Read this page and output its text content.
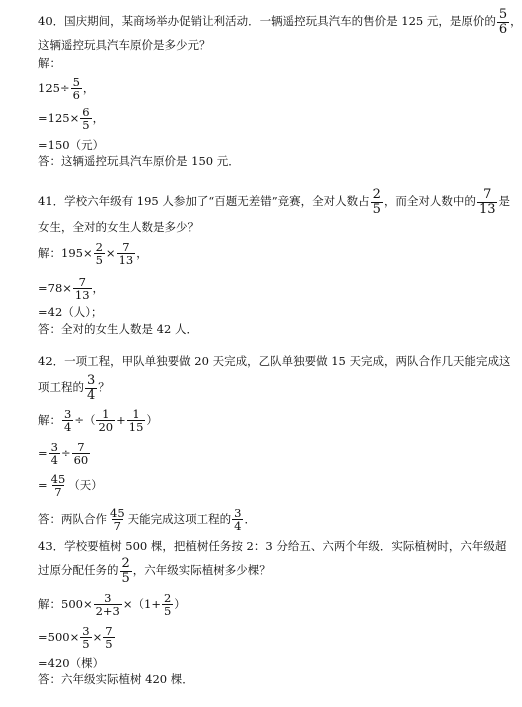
40．国庆期间，某商场举办促销让利活动．一辆遥控玩具汽车的售价是 125 元，是原价的 $\frac{5}{6}$ ，
这辆遥控玩具汽车原价是多少元？
解：
$125\div \frac{5}{6}$ ，
$=125\times \frac{6}{5}$ ，
=150（元）
答：这辆遥控玩具汽车原价是 150 元．
41．学校六年级有 195 人参加了“百题无差错”竞赛，全对人数占 $\frac{2}{5}$ ，而全对人数中的 $\frac{7}{13}$ 是
女生，全对的女生人数是多少？
解：$195\times \frac{2}{5} \times \frac{7}{13}$ ，
$=78\times \frac{7}{13}$ ，
=42（人）；
答：全对的女生人数是 42 人．
42．一项工程，甲队单独要做 20 天完成，乙队单独要做 15 天完成，两队合作几天能完成这
项工程的 $\frac{3}{4}$ ？
解： $\frac{3}{4}$ ÷（ $\frac{1}{20} + \frac{1}{15}$ ）
= $\frac{3}{4} \div \frac{7}{60}$
= $\frac{45}{7}$ （天）
答：两队合作 $\frac{45}{7}$ 天能完成这项工程的 $\frac{3}{4}$ ．
43．学校要植树 500 棵，把植树任务按 2：3 分给五、六两个年级．实际植树时，六年级超
过原分配任务的 $\frac{2}{5}$ ，六年级实际植树多少棵？
解：$500\times \frac{3}{2+3} \times(1+ \frac{2}{5}$ ）
$=500\times \frac{3}{5} \times \frac{7}{5}$
=420（棵）
答：六年级实际植树 420 棵．
